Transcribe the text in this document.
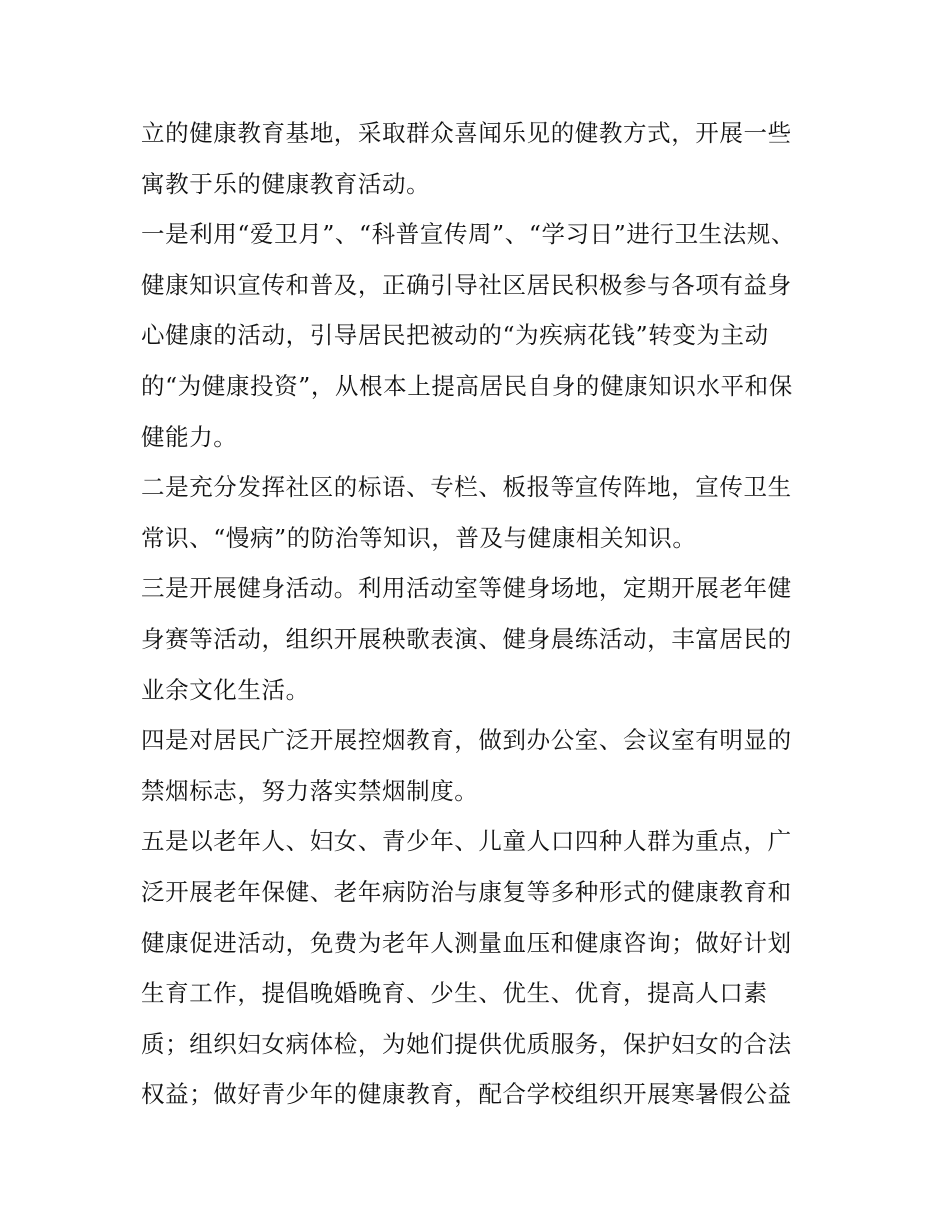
立的健康教育基地，采取群众喜闻乐见的健教方式，开展一些
寓教于乐的健康教育活动。
一是利用“爱卫月”、“科普宣传周”、“学习日”进行卫生法规、
健康知识宣传和普及，正确引导社区居民积极参与各项有益身
心健康的活动，引导居民把被动的“为疾病花钱”转变为主动
的“为健康投资”，从根本上提高居民自身的健康知识水平和保
健能力。
二是充分发挥社区的标语、专栏、板报等宣传阵地，宣传卫生
常识、“慢病”的防治等知识，普及与健康相关知识。
三是开展健身活动。利用活动室等健身场地，定期开展老年健
身赛等活动，组织开展秧歌表演、健身晨练活动，丰富居民的
业余文化生活。
四是对居民广泛开展控烟教育，做到办公室、会议室有明显的
禁烟标志，努力落实禁烟制度。
五是以老年人、妇女、青少年、儿童人口四种人群为重点，广
泛开展老年保健、老年病防治与康复等多种形式的健康教育和
健康促进活动，免费为老年人测量血压和健康咨询；做好计划
生育工作，提倡晚婚晚育、少生、优生、优育，提高人口素
质；组织妇女病体检，为她们提供优质服务，保护妇女的合法
权益；做好青少年的健康教育，配合学校组织开展寒暑假公益
